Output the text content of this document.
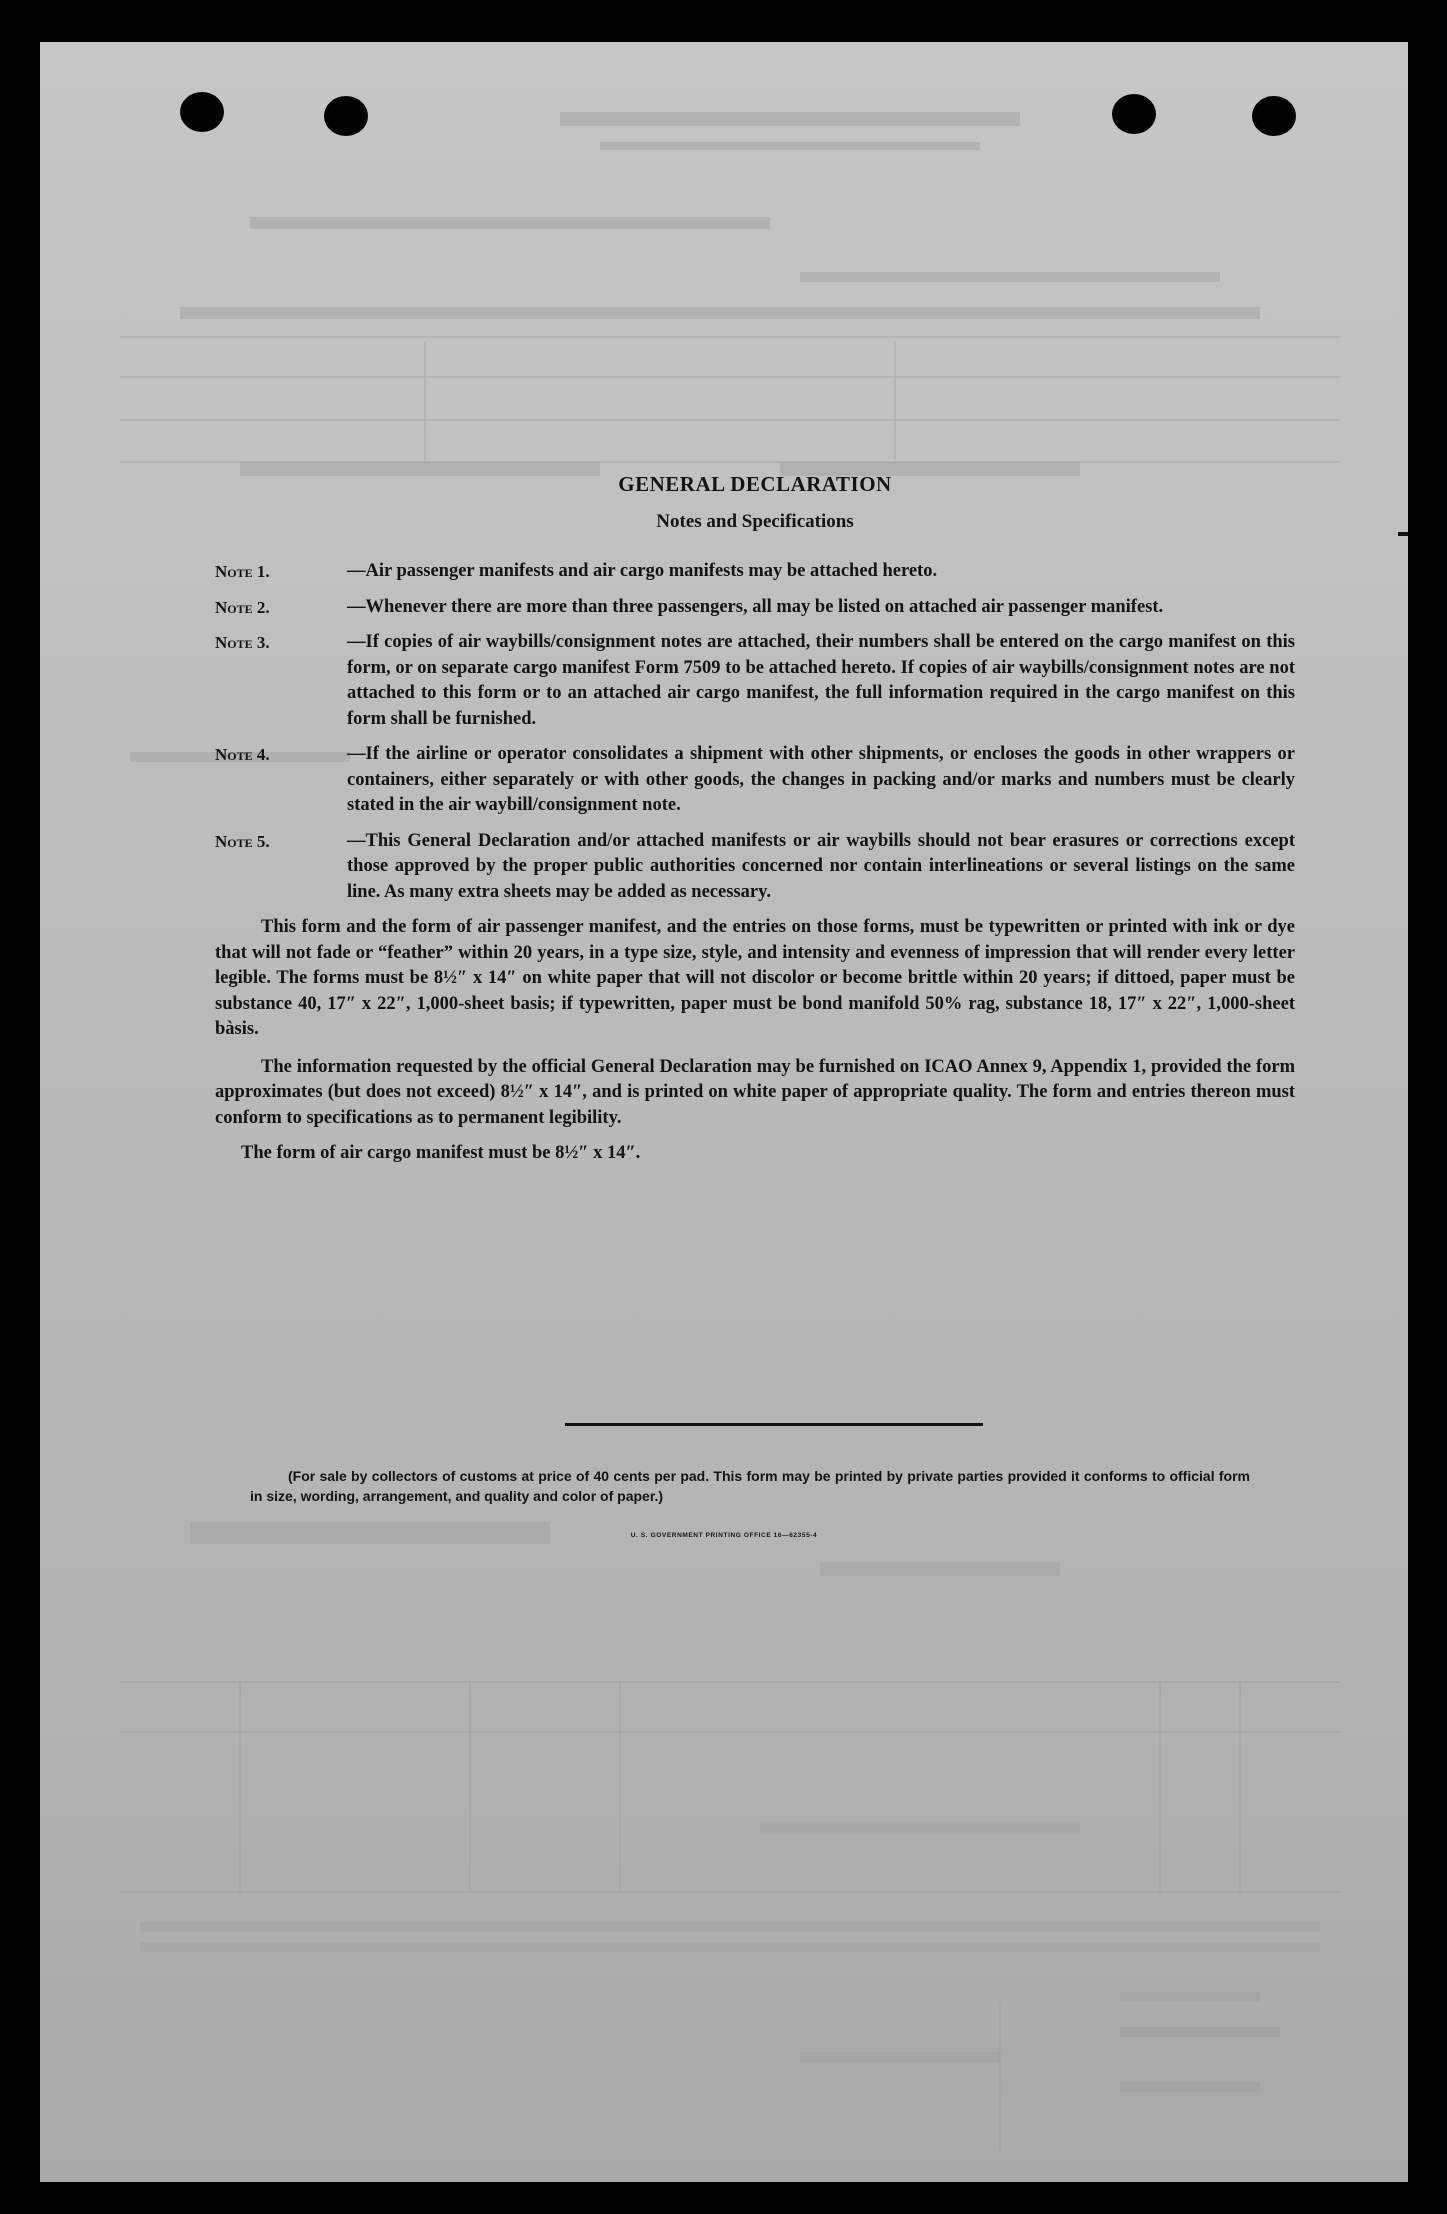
GENERAL DECLARATION
Notes and Specifications
Note 1.	—Air passenger manifests and air cargo manifests may be attached hereto.
Note 2.	—Whenever there are more than three passengers, all may be listed on attached air passenger manifest.
Note 3.	—If copies of air waybills/consignment notes are attached, their numbers shall be entered on the cargo manifest on this form, or on separate cargo manifest Form 7509 to be attached hereto. If copies of air waybills/consignment notes are not attached to this form or to an attached air cargo manifest, the full information required in the cargo manifest on this form shall be furnished.
Note 4.	—If the airline or operator consolidates a shipment with other shipments, or encloses the goods in other wrappers or containers, either separately or with other goods, the changes in packing and/or marks and numbers must be clearly stated in the air waybill/consignment note.
Note 5.	—This General Declaration and/or attached manifests or air waybills should not bear erasures or corrections except those approved by the proper public authorities concerned nor contain interlineations or several listings on the same line. As many extra sheets may be added as necessary.

This form and the form of air passenger manifest, and the entries on those forms, must be typewritten or printed with ink or dye that will not fade or “feather” within 20 years, in a type size, style, and intensity and evenness of impression that will render every letter legible. The forms must be 8½″ x 14″ on white paper that will not discolor or become brittle within 20 years; if dittoed, paper must be substance 40, 17″ x 22″, 1,000-sheet basis; if typewritten, paper must be bond manifold 50% rag, substance 18, 17″ x 22″, 1,000-sheet bàsis.

The information requested by the official General Declaration may be furnished on ICAO Annex 9, Appendix 1, provided the form approximates (but does not exceed) 8½″ x 14″, and is printed on white paper of appropriate quality. The form and entries thereon must conform to specifications as to permanent legibility.

The form of air cargo manifest must be 8½″ x 14″.
(For sale by collectors of customs at price of 40 cents per pad. This form may be printed by private parties provided it conforms to official form in size, wording, arrangement, and quality and color of paper.)
U. S. GOVERNMENT PRINTING OFFICE 16—62355-4
